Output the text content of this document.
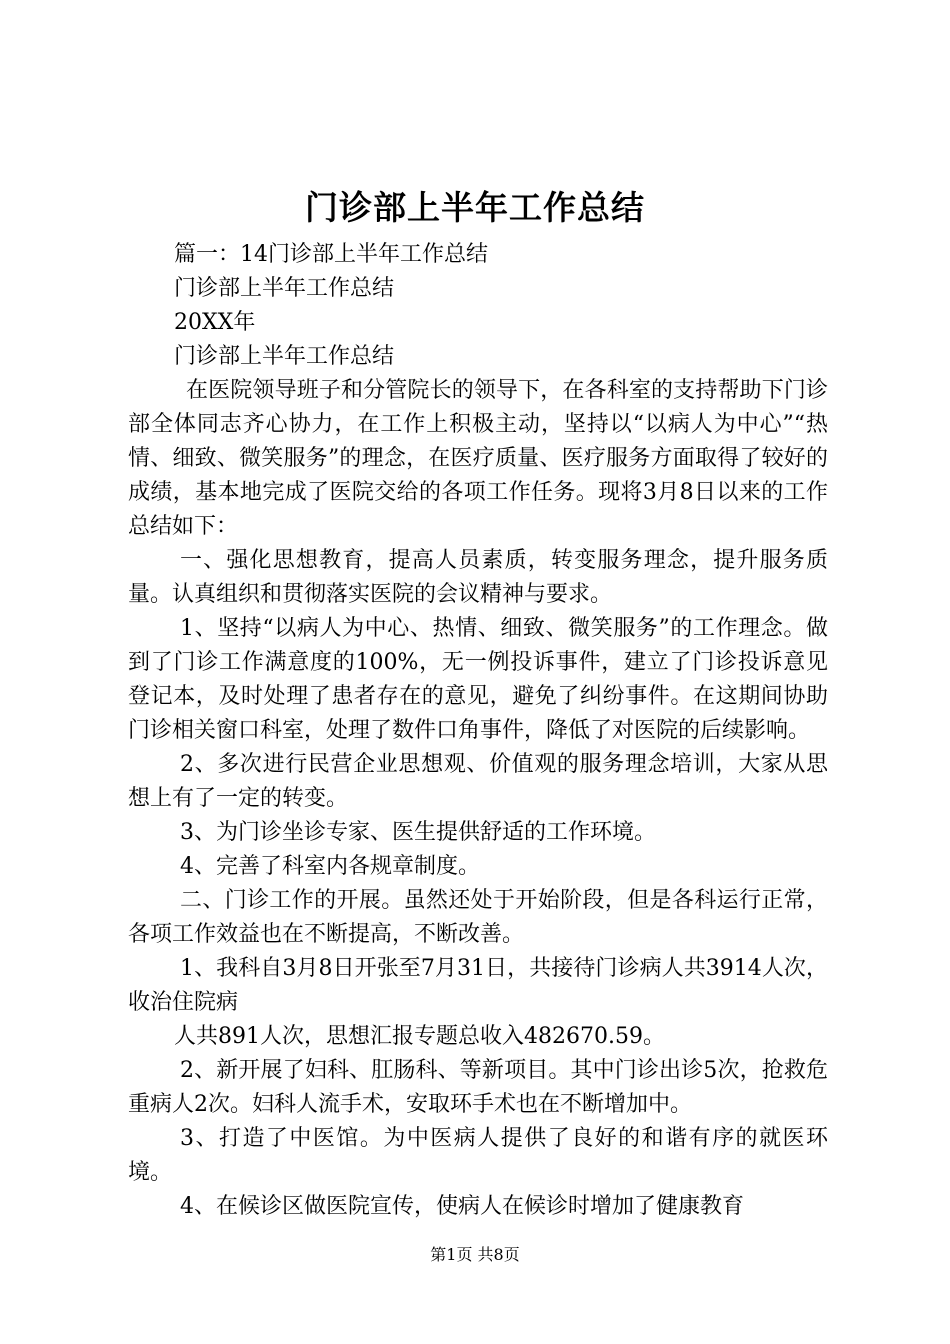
门诊部上半年工作总结

篇一：14门诊部上半年工作总结

门诊部上半年工作总结

20XX年

门诊部上半年工作总结

在医院领导班子和分管院长的领导下，在各科室的支持帮助下门诊部全体同志齐心协力，在工作上积极主动，坚持以“以病人为中心”“热情、细致、微笑服务”的理念，在医疗质量、医疗服务方面取得了较好的成绩，基本地完成了医院交给的各项工作任务。现将3月8日以来的工作总结如下：

一、强化思想教育，提高人员素质，转变服务理念，提升服务质量。认真组织和贯彻落实医院的会议精神与要求。

1、坚持“以病人为中心、热情、细致、微笑服务”的工作理念。做到了门诊工作满意度的100%，无一例投诉事件，建立了门诊投诉意见登记本，及时处理了患者存在的意见，避免了纠纷事件。在这期间协助门诊相关窗口科室，处理了数件口角事件，降低了对医院的后续影响。

2、多次进行民营企业思想观、价值观的服务理念培训，大家从思想上有了一定的转变。

3、为门诊坐诊专家、医生提供舒适的工作环境。

4、完善了科室内各规章制度。

二、门诊工作的开展。虽然还处于开始阶段，但是各科运行正常，各项工作效益也在不断提高，不断改善。

1、我科自3月8日开张至7月31日，共接待门诊病人共3914人次，收治住院病

人共891人次，思想汇报专题总收入482670.59。

2、新开展了妇科、肛肠科、等新项目。其中门诊出诊5次，抢救危重病人2次。妇科人流手术，安取环手术也在不断增加中。

3、打造了中医馆。为中医病人提供了良好的和谐有序的就医环境。

4、在候诊区做医院宣传，使病人在候诊时增加了健康教育

第1页 共8页
